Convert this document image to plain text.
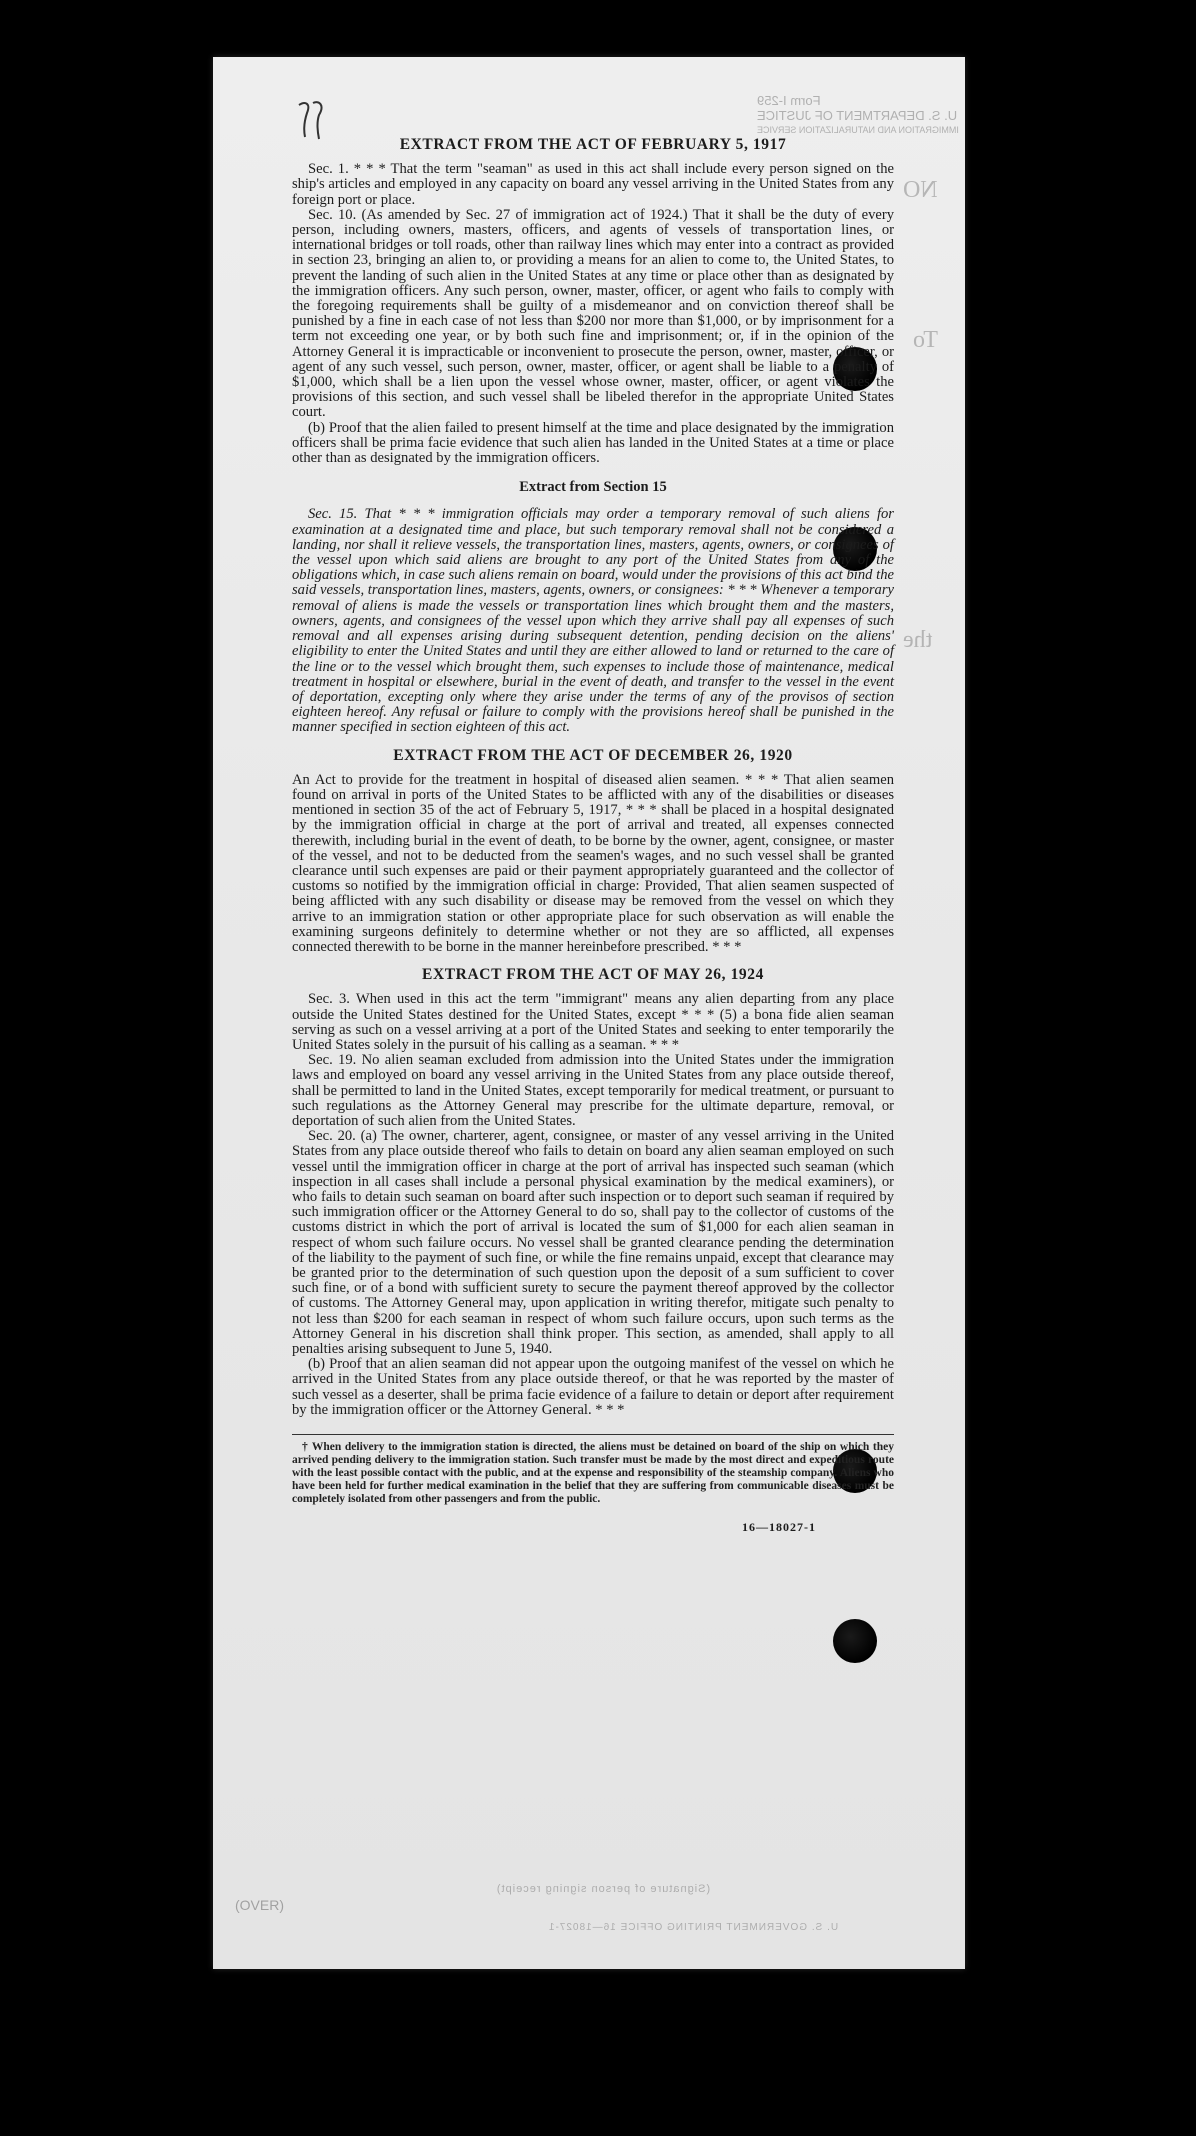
Form I-259
U. S. DEPARTMENT OF JUSTICE
IMMIGRATION AND NATURALIZATION SERVICE
NO
To
the
EXTRACT FROM THE ACT OF FEBRUARY 5, 1917

Sec. 1. * * * That the term "seaman" as used in this act shall include every person signed on the ship's articles and employed in any capacity on board any vessel arriving in the United States from any foreign port or place.

Sec. 10. (As amended by Sec. 27 of immigration act of 1924.) That it shall be the duty of every person, including owners, masters, officers, and agents of vessels of transportation lines, or international bridges or toll roads, other than railway lines which may enter into a contract as provided in section 23, bringing an alien to, or providing a means for an alien to come to, the United States, to prevent the landing of such alien in the United States at any time or place other than as designated by the immigration officers. Any such person, owner, master, officer, or agent who fails to comply with the foregoing requirements shall be guilty of a misdemeanor and on conviction thereof shall be punished by a fine in each case of not less than $200 nor more than $1,000, or by imprisonment for a term not exceeding one year, or by both such fine and imprisonment; or, if in the opinion of the Attorney General it is impracticable or inconvenient to prosecute the person, owner, master, officer, or agent of any such vessel, such person, owner, master, officer, or agent shall be liable to a penalty of $1,000, which shall be a lien upon the vessel whose owner, master, officer, or agent violates the provisions of this section, and such vessel shall be libeled therefor in the appropriate United States court.

(b) Proof that the alien failed to present himself at the time and place designated by the immigration officers shall be prima facie evidence that such alien has landed in the United States at a time or place other than as designated by the immigration officers.

Extract from Section 15

Sec. 15. That * * * immigration officials may order a temporary removal of such aliens for examination at a designated time and place, but such temporary removal shall not be considered a landing, nor shall it relieve vessels, the transportation lines, masters, agents, owners, or consignees of the vessel upon which said aliens are brought to any port of the United States from any of the obligations which, in case such aliens remain on board, would under the provisions of this act bind the said vessels, transportation lines, masters, agents, owners, or consignees: * * * Whenever a temporary removal of aliens is made the vessels or transportation lines which brought them and the masters, owners, agents, and consignees of the vessel upon which they arrive shall pay all expenses of such removal and all expenses arising during subsequent detention, pending decision on the aliens' eligibility to enter the United States and until they are either allowed to land or returned to the care of the line or to the vessel which brought them, such expenses to include those of maintenance, medical treatment in hospital or elsewhere, burial in the event of death, and transfer to the vessel in the event of deportation, excepting only where they arise under the terms of any of the provisos of section eighteen hereof. Any refusal or failure to comply with the provisions hereof shall be punished in the manner specified in section eighteen of this act.

EXTRACT FROM THE ACT OF DECEMBER 26, 1920

An Act to provide for the treatment in hospital of diseased alien seamen. * * * That alien seamen found on arrival in ports of the United States to be afflicted with any of the disabilities or diseases mentioned in section 35 of the act of February 5, 1917, * * * shall be placed in a hospital designated by the immigration official in charge at the port of arrival and treated, all expenses connected therewith, including burial in the event of death, to be borne by the owner, agent, consignee, or master of the vessel, and not to be deducted from the seamen's wages, and no such vessel shall be granted clearance until such expenses are paid or their payment appropriately guaranteed and the collector of customs so notified by the immigration official in charge: Provided, That alien seamen suspected of being afflicted with any such disability or disease may be removed from the vessel on which they arrive to an immigration station or other appropriate place for such observation as will enable the examining surgeons definitely to determine whether or not they are so afflicted, all expenses connected therewith to be borne in the manner hereinbefore prescribed. * * *

EXTRACT FROM THE ACT OF MAY 26, 1924

Sec. 3. When used in this act the term "immigrant" means any alien departing from any place outside the United States destined for the United States, except * * * (5) a bona fide alien seaman serving as such on a vessel arriving at a port of the United States and seeking to enter temporarily the United States solely in the pursuit of his calling as a seaman. * * *

Sec. 19. No alien seaman excluded from admission into the United States under the immigration laws and employed on board any vessel arriving in the United States from any place outside thereof, shall be permitted to land in the United States, except temporarily for medical treatment, or pursuant to such regulations as the Attorney General may prescribe for the ultimate departure, removal, or deportation of such alien from the United States.

Sec. 20. (a) The owner, charterer, agent, consignee, or master of any vessel arriving in the United States from any place outside thereof who fails to detain on board any alien seaman employed on such vessel until the immigration officer in charge at the port of arrival has inspected such seaman (which inspection in all cases shall include a personal physical examination by the medical examiners), or who fails to detain such seaman on board after such inspection or to deport such seaman if required by such immigration officer or the Attorney General to do so, shall pay to the collector of customs of the customs district in which the port of arrival is located the sum of $1,000 for each alien seaman in respect of whom such failure occurs. No vessel shall be granted clearance pending the determination of the liability to the payment of such fine, or while the fine remains unpaid, except that clearance may be granted prior to the determination of such question upon the deposit of a sum sufficient to cover such fine, or of a bond with sufficient surety to secure the payment thereof approved by the collector of customs. The Attorney General may, upon application in writing therefor, mitigate such penalty to not less than $200 for each seaman in respect of whom such failure occurs, upon such terms as the Attorney General in his discretion shall think proper. This section, as amended, shall apply to all penalties arising subsequent to June 5, 1940.

(b) Proof that an alien seaman did not appear upon the outgoing manifest of the vessel on which he arrived in the United States from any place outside thereof, or that he was reported by the master of such vessel as a deserter, shall be prima facie evidence of a failure to detain or deport after requirement by the immigration officer or the Attorney General. * * *

† When delivery to the immigration station is directed, the aliens must be detained on board of the ship on which they arrived pending delivery to the immigration station. Such transfer must be made by the most direct and expeditious route with the least possible contact with the public, and at the expense and responsibility of the steamship company. Aliens who have been held for further medical examination in the belief that they are suffering from communicable diseases must be completely isolated from other passengers and from the public.

16—18027-1
(Signature of person signing receipt)
(OVER)
U. S. GOVERNMENT PRINTING OFFICE 16—18027-1
